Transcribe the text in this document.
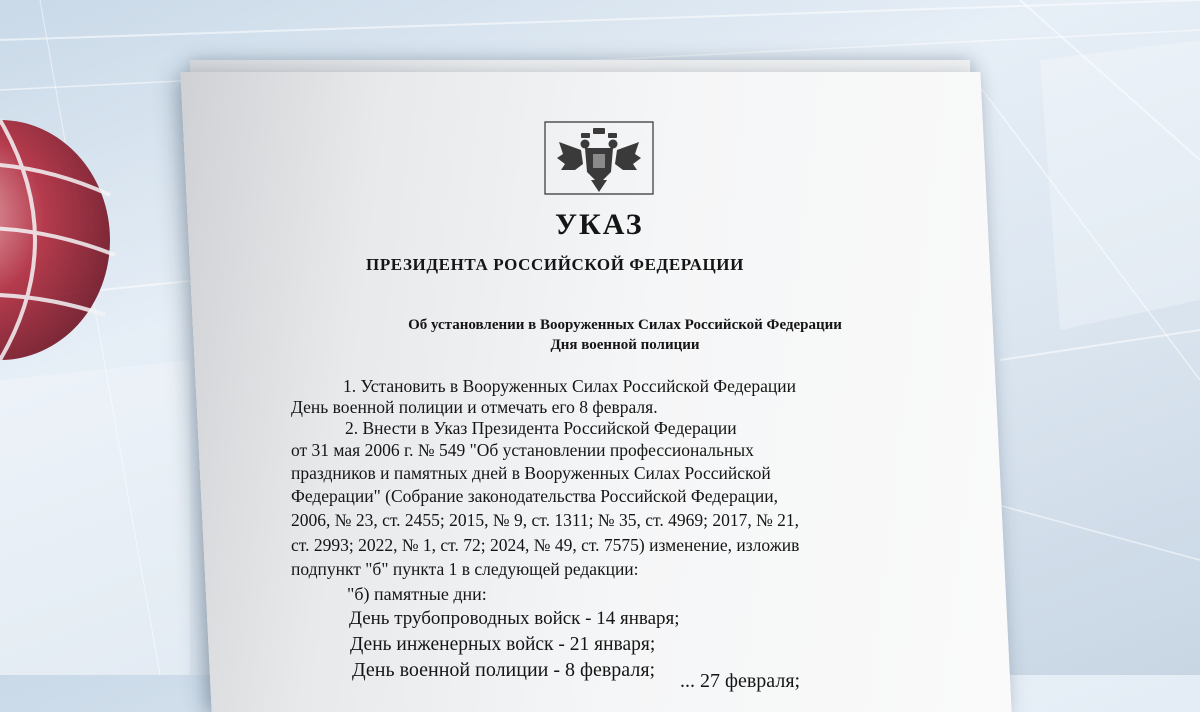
УКАЗ
ПРЕЗИДЕНТА РОССИЙСКОЙ ФЕДЕРАЦИИ

Об установлении в Вооруженных Силах Российской Федерации
Дня военной полиции

1. Установить в Вооруженных Силах Российской Федерации
День военной полиции и отмечать его 8 февраля.
2. Внести в Указ Президента Российской Федерации
от 31 мая 2006 г. № 549 "Об установлении профессиональных
праздников и памятных дней в Вооруженных Силах Российской
Федерации" (Собрание законодательства Российской Федерации,
2006, № 23, ст. 2455; 2015, № 9, ст. 1311; № 35, ст. 4969; 2017, № 21,
ст. 2993; 2022, № 1, ст. 72; 2024, № 49, ст. 7575) изменение, изложив
подпункт "б" пункта 1 в следующей редакции:
"б) памятные дни:
День трубопроводных войск - 14 января;
День инженерных войск - 21 января;
День военной полиции - 8 февраля; ... 27 февраля;
